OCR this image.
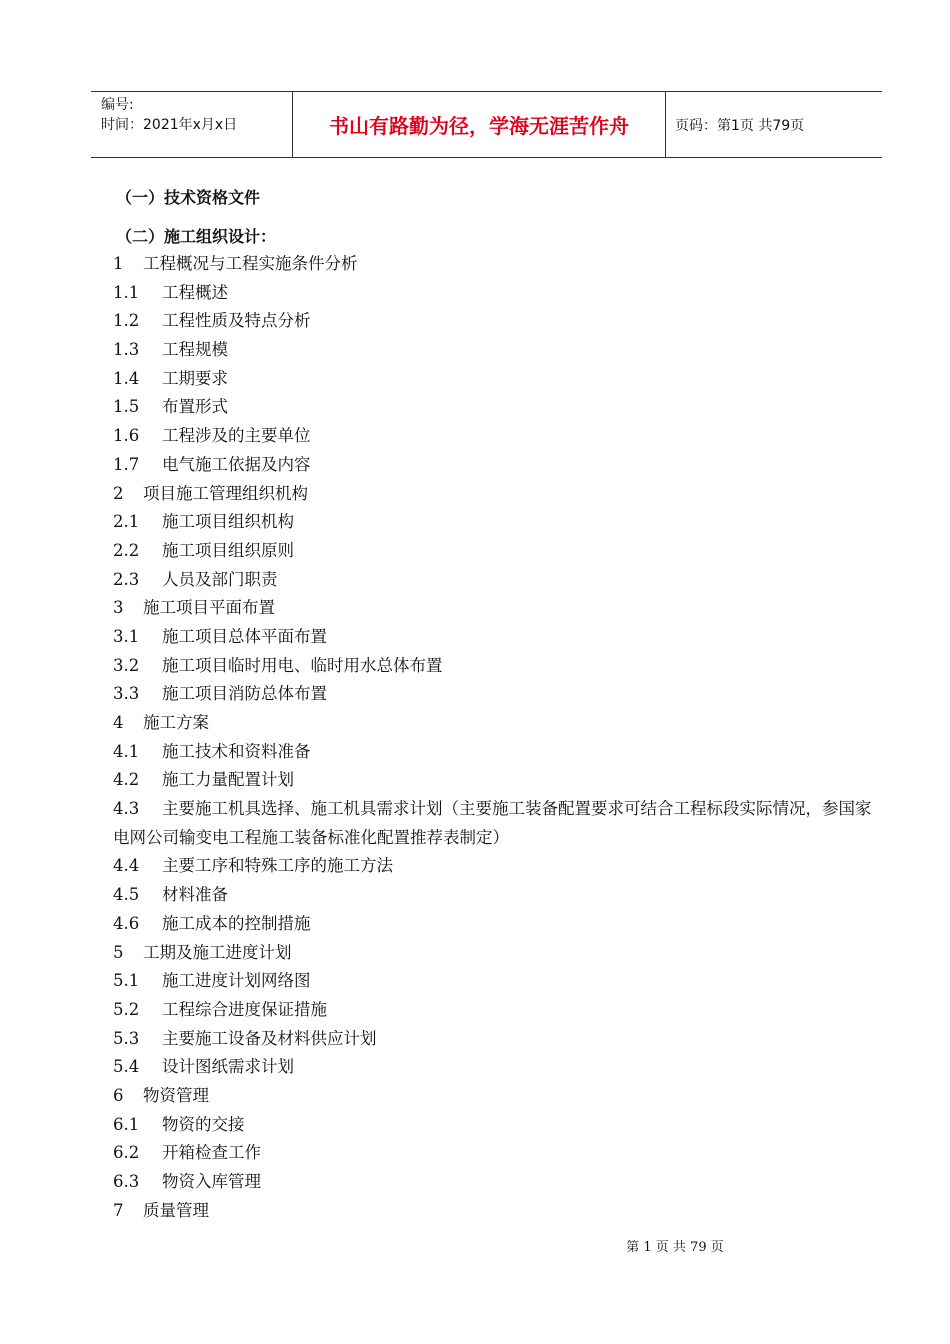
编号:
时间：2021年x月x日	书山有路勤为径，学海无涯苦作舟	页码：第1页 共79页
（一）技术资格文件
（二）施工组织设计：
1 工程概况与工程实施条件分析
1.1 工程概述
1.2 工程性质及特点分析
1.3 工程规模
1.4 工期要求
1.5 布置形式
1.6 工程涉及的主要单位
1.7 电气施工依据及内容
2 项目施工管理组织机构
2.1 施工项目组织机构
2.2 施工项目组织原则
2.3 人员及部门职责
3 施工项目平面布置
3.1 施工项目总体平面布置
3.2 施工项目临时用电、临时用水总体布置
3.3 施工项目消防总体布置
4 施工方案
4.1 施工技术和资料准备
4.2 施工力量配置计划
4.3 主要施工机具选择、施工机具需求计划（主要施工装备配置要求可结合工程标段实际情况，参国家电网公司输变电工程施工装备标准化配置推荐表制定）
4.4 主要工序和特殊工序的施工方法
4.5 材料准备
4.6 施工成本的控制措施
5 工期及施工进度计划
5.1 施工进度计划网络图
5.2 工程综合进度保证措施
5.3 主要施工设备及材料供应计划
5.4 设计图纸需求计划
6 物资管理
6.1 物资的交接
6.2 开箱检查工作
6.3 物资入库管理
7 质量管理
第 1 页 共 79 页
